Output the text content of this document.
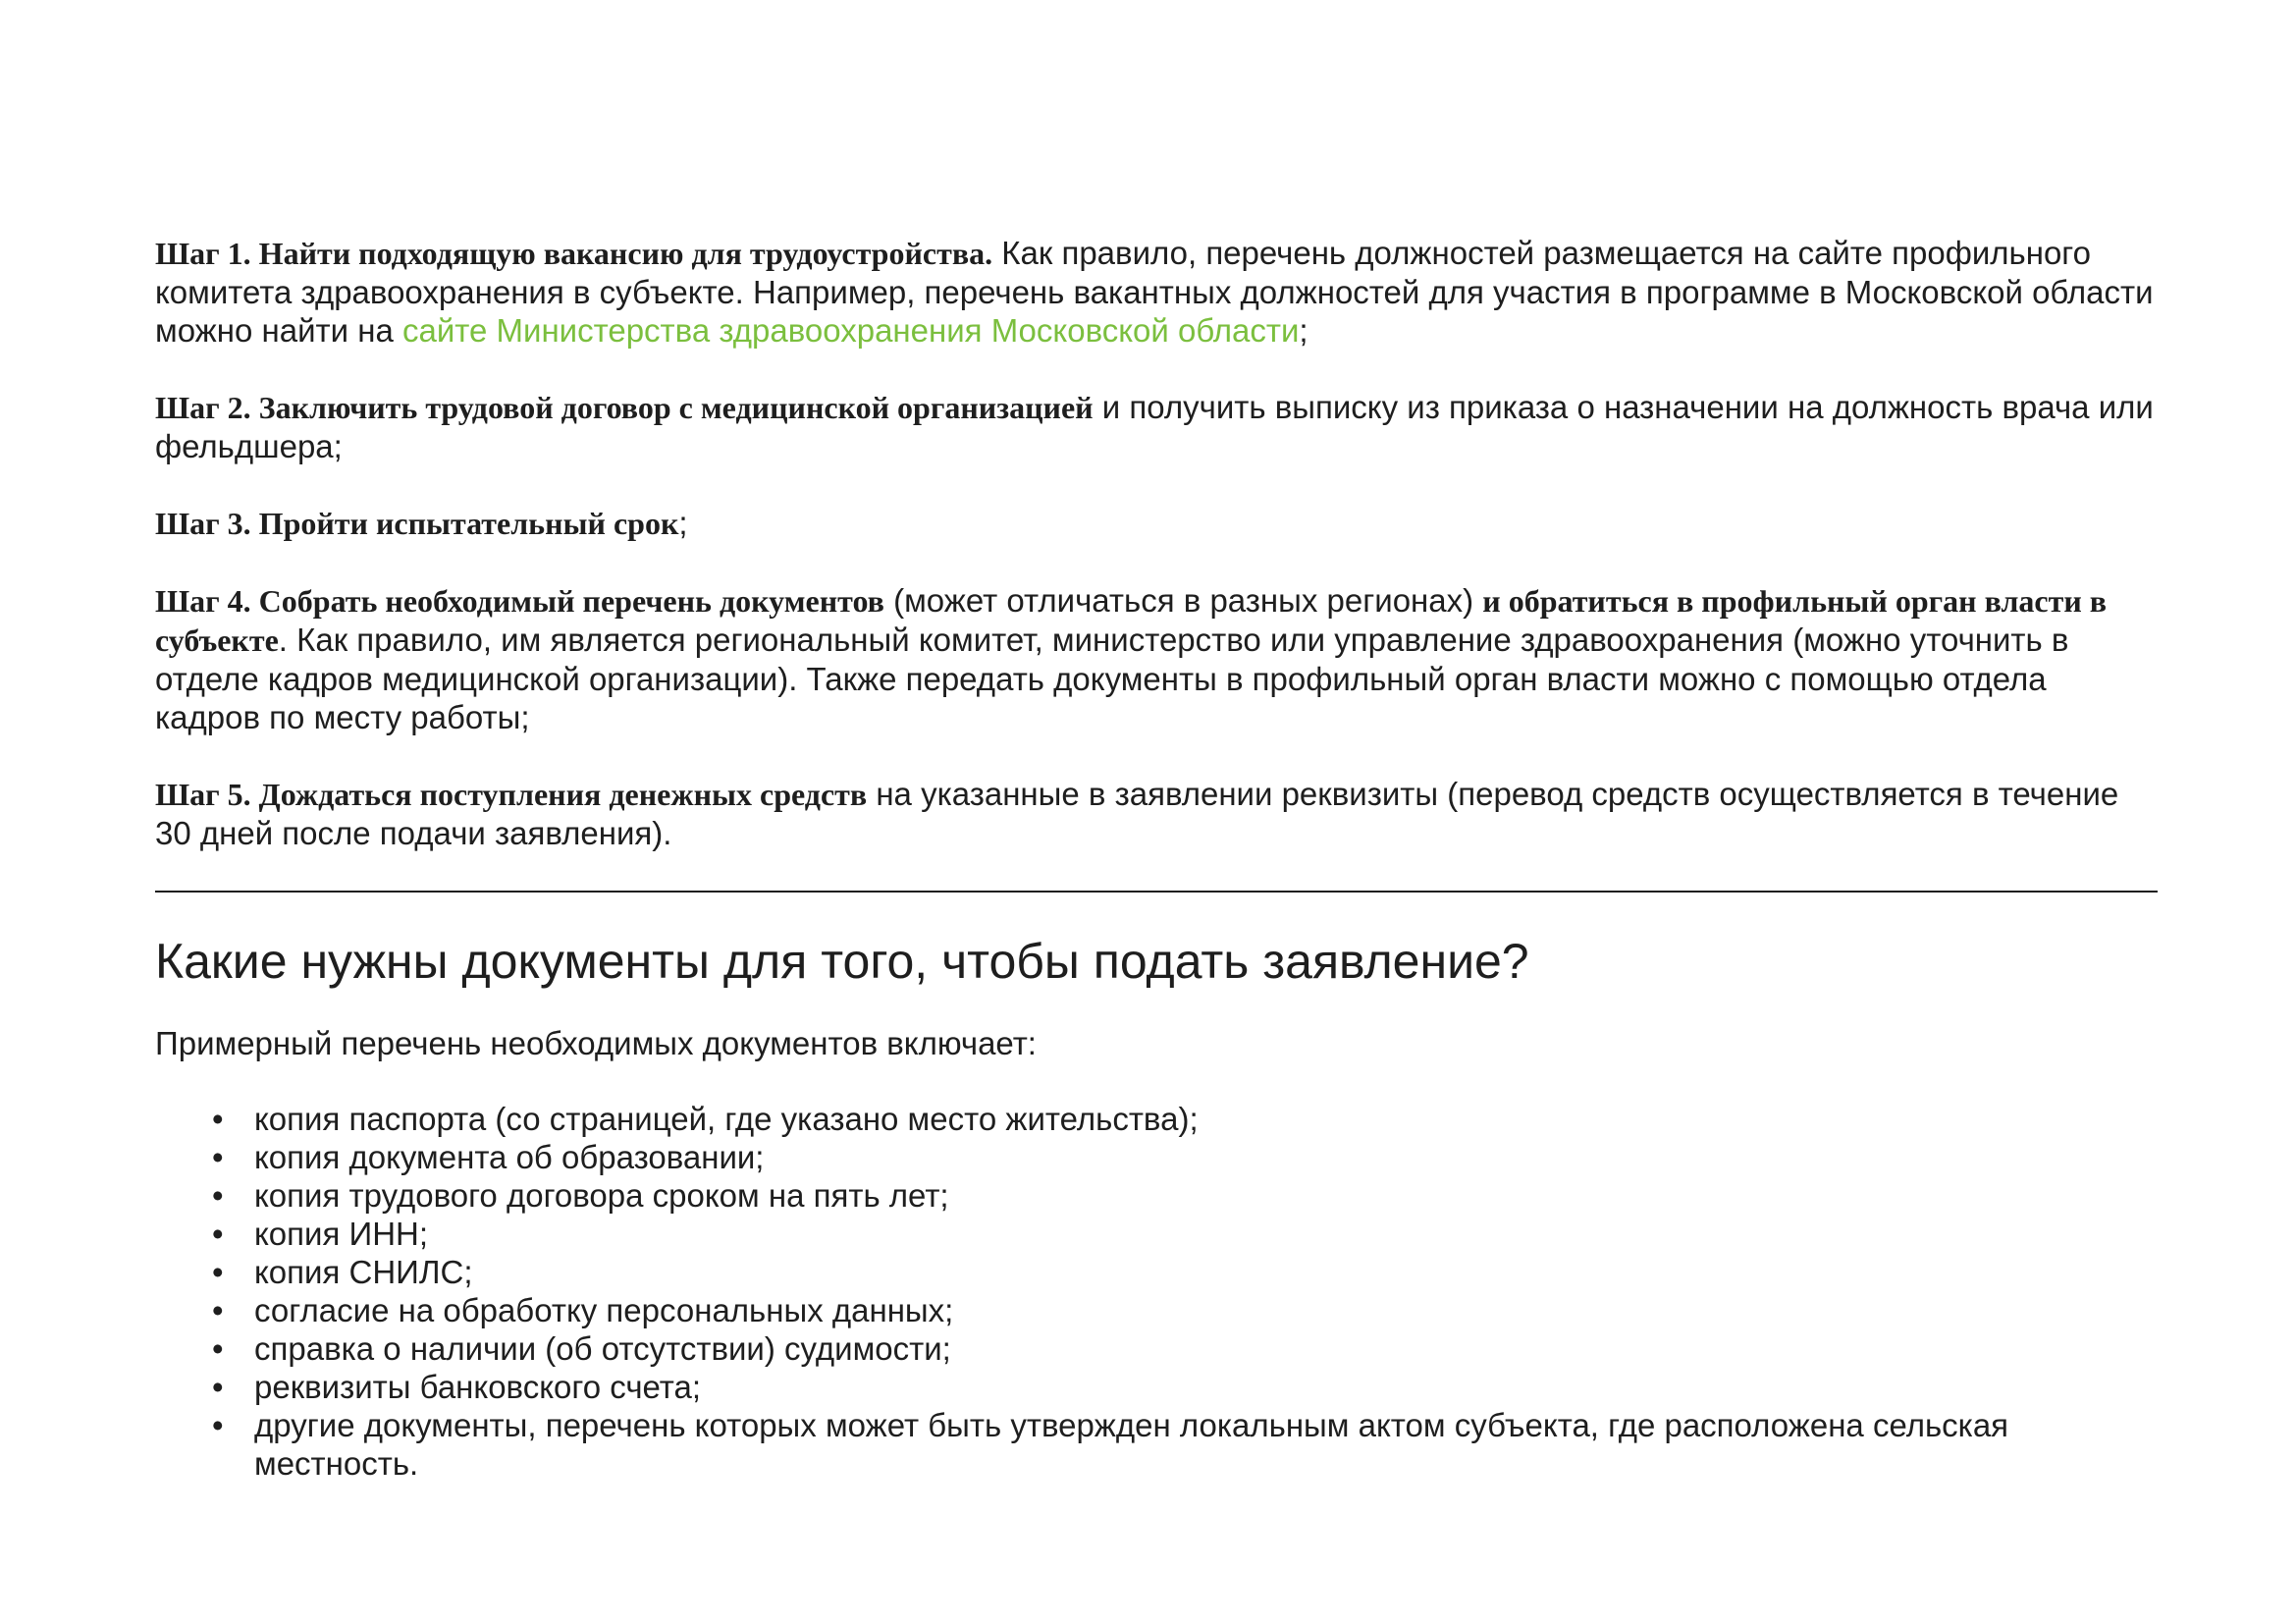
Шаг 1. Найти подходящую вакансию для трудоустройства. Как правило, перечень должностей размещается на сайте профильного комитета здравоохранения в субъекте. Например, перечень вакантных должностей для участия в программе в Московской области можно найти на сайте Министерства здравоохранения Московской области;

Шаг 2. Заключить трудовой договор с медицинской организацией и получить выписку из приказа о назначении на должность врача или фельдшера;

Шаг 3. Пройти испытательный срок;

Шаг 4. Собрать необходимый перечень документов (может отличаться в разных регионах) и обратиться в профильный орган власти в субъекте. Как правило, им является региональный комитет, министерство или управление здравоохранения (можно уточнить в отделе кадров медицинской организации). Также передать документы в профильный орган власти можно с помощью отдела кадров по месту работы;

Шаг 5. Дождаться поступления денежных средств на указанные в заявлении реквизиты (перевод средств осуществляется в течение 30 дней после подачи заявления).

Какие нужны документы для того, чтобы подать заявление?

Примерный перечень необходимых документов включает:

• копия паспорта (со страницей, где указано место жительства);
• копия документа об образовании;
• копия трудового договора сроком на пять лет;
• копия ИНН;
• копия СНИЛС;
• согласие на обработку персональных данных;
• справка о наличии (об отсутствии) судимости;
• реквизиты банковского счета;
• другие документы, перечень которых может быть утвержден локальным актом субъекта, где расположена сельская местность.
